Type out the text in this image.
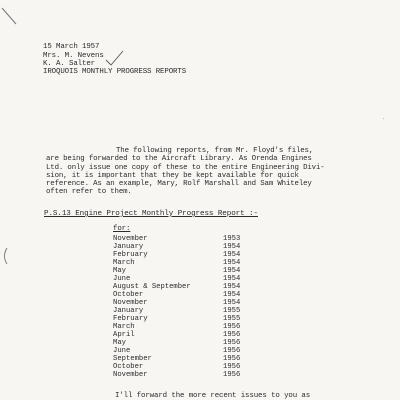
.
15 March 1957
Mrs. M. Nevens
K. A. Salter
IROQUOIS MONTHLY PROGRESS REPORTS
The following reports, from Mr. Floyd's files,
are being forwarded to the Aircraft Library. As Orenda Engines
Ltd. only issue one copy of these to the entire Engineering Divi-
sion, it is important that they be kept available for quick
reference. As an example, Mary, Rolf Marshall and Sam Whiteley
often refer to them.
P.S.13 Engine Project Monthly Progress Report :-
for:
November	1953
January	1954
February	1954
March	1954
May	1954
June	1954
August & September	1954
October	1954
November	1954
January	1955
February	1955
March	1956
April	1956
May	1956
June	1956
September	1956
October	1956
November	1956
I'll forward the more recent issues to you as
